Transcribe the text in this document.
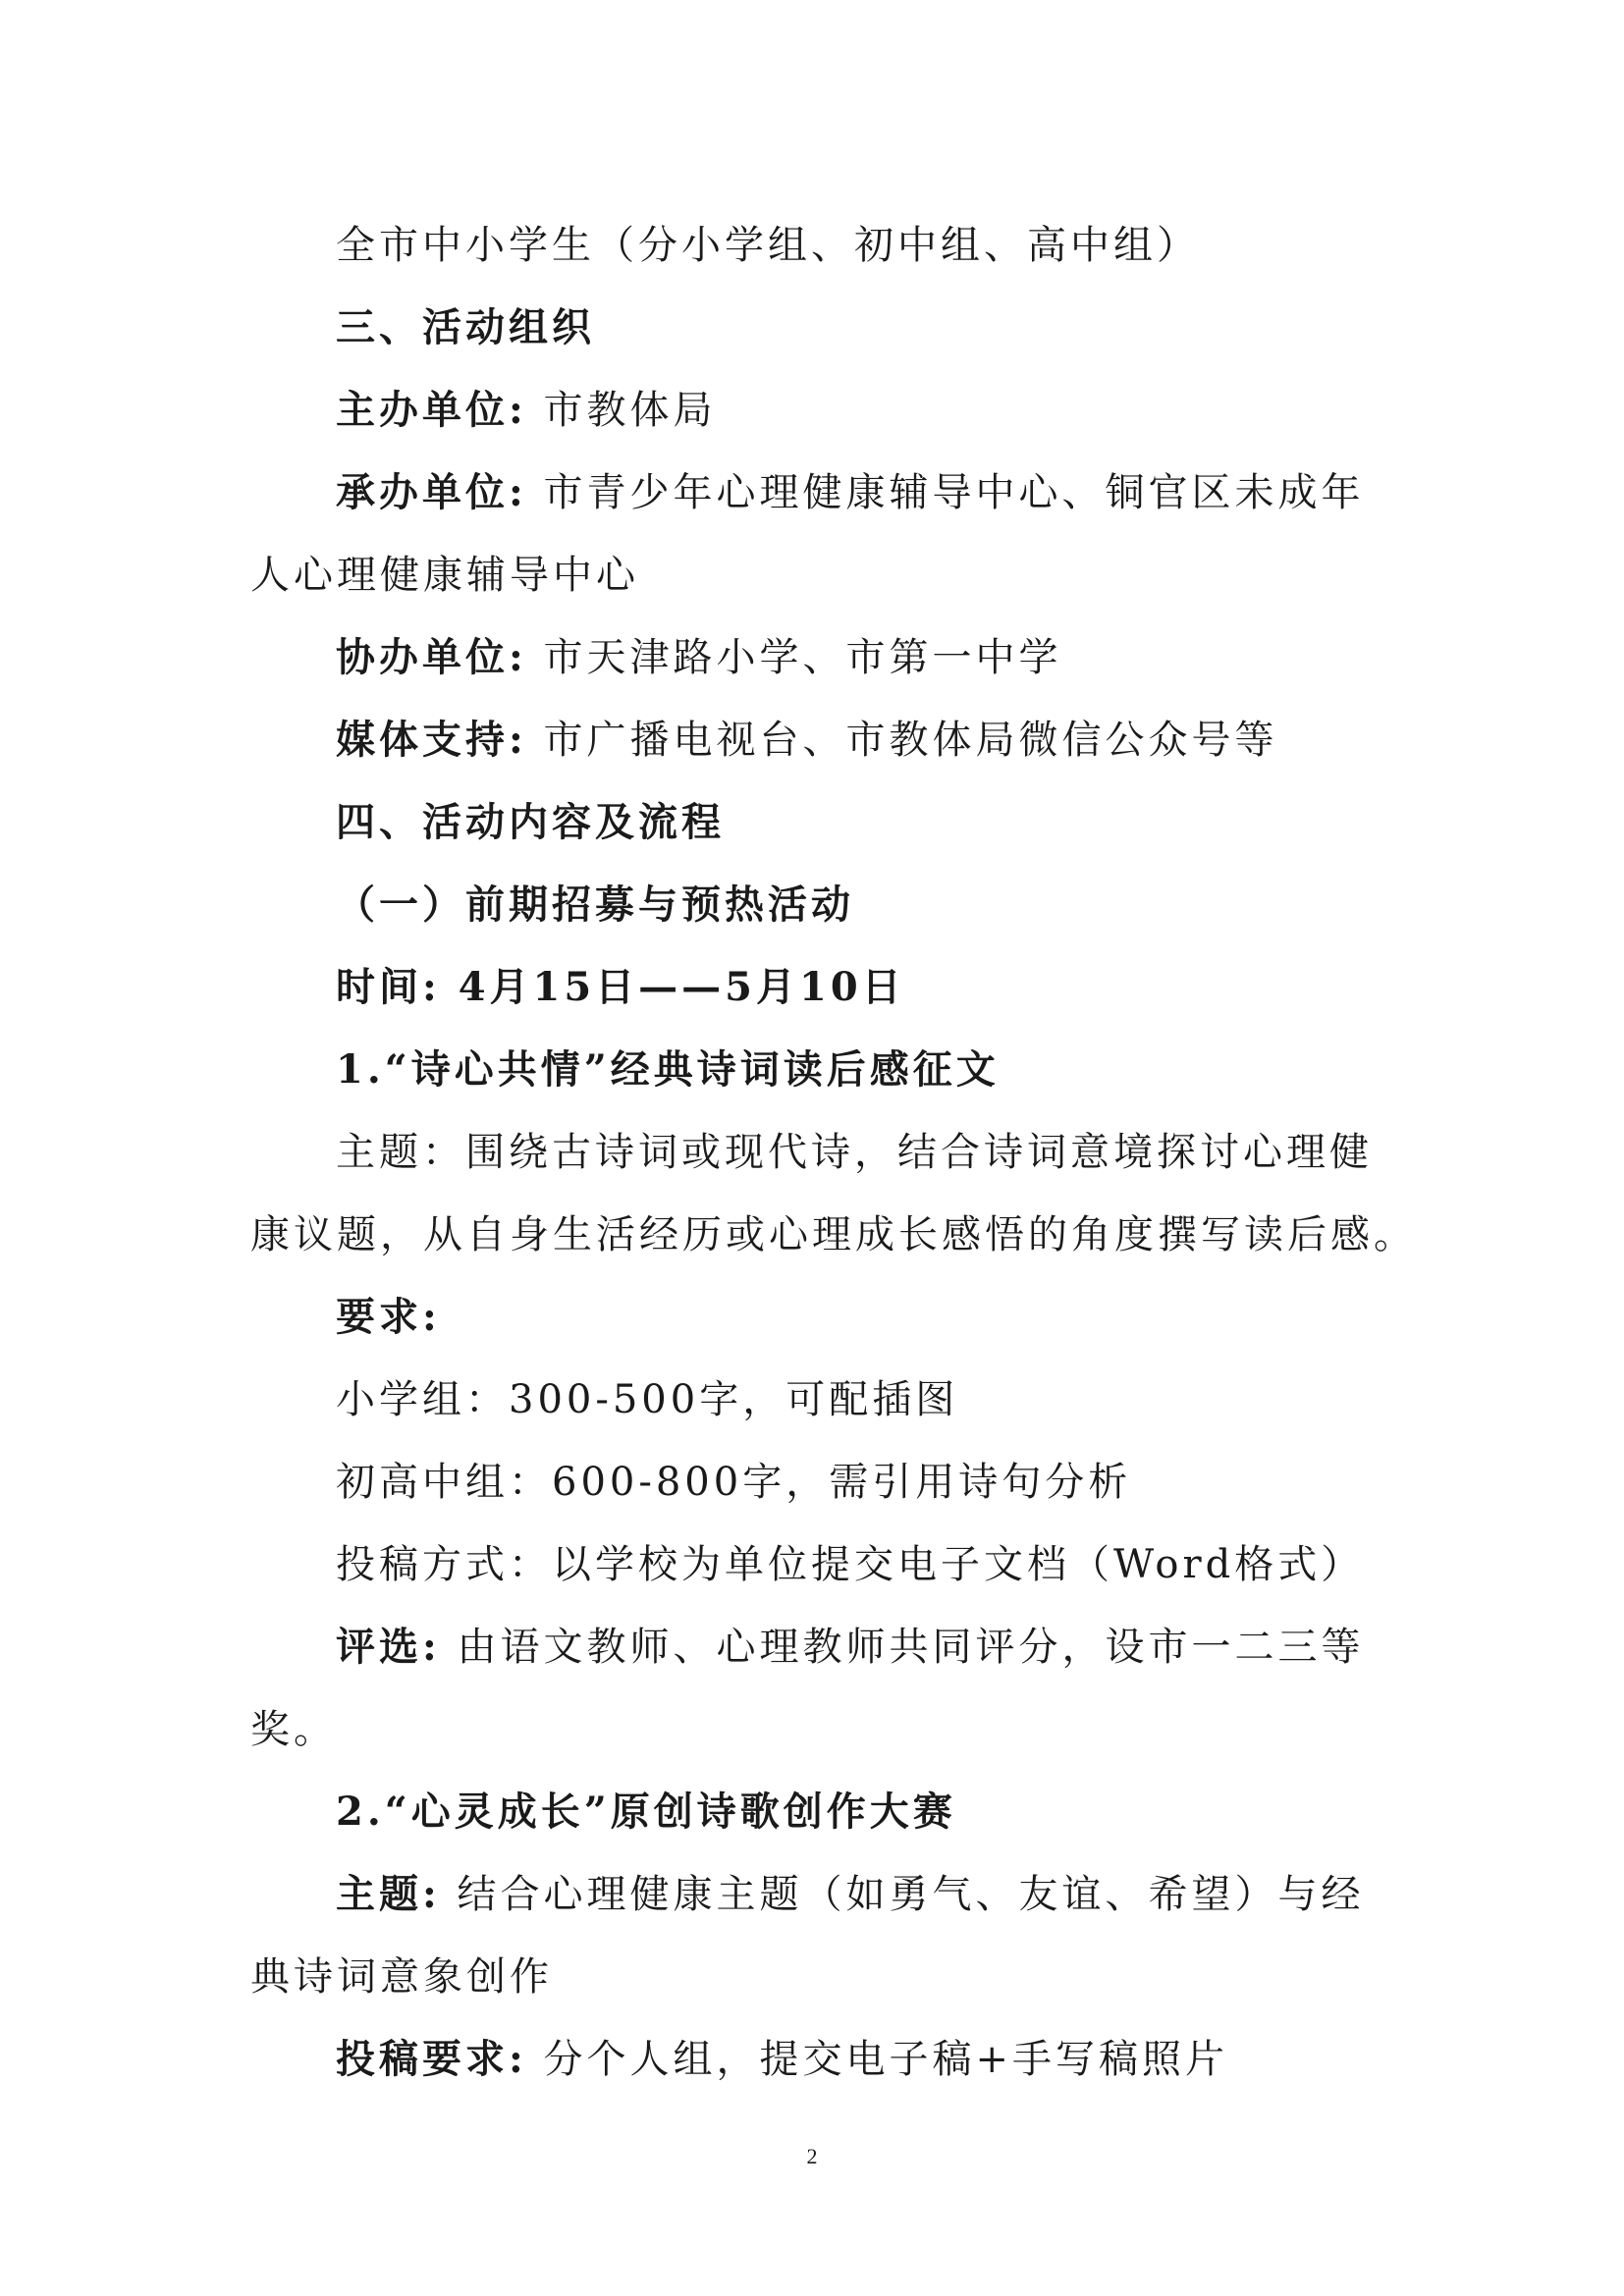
全市中小学生（分小学组、初中组、高中组）
三、活动组织
主办单位: 市教体局
承办单位: 市青少年心理健康辅导中心、铜官区未成年
人心理健康辅导中心
协办单位: 市天津路小学、市第一中学
媒体支持: 市广播电视台、市教体局微信公众号等
四、活动内容及流程
（一）前期招募与预热活动
时间: 4月15日——5月10日
1.“诗心共情”经典诗词读后感征文
主题：围绕古诗词或现代诗，结合诗词意境探讨心理健
康议题，从自身生活经历或心理成长感悟的角度撰写读后感。
要求:
小学组：300-500字，可配插图
初高中组：600-800字，需引用诗句分析
投稿方式：以学校为单位提交电子文档（Word格式）
评选: 由语文教师、心理教师共同评分，设市一二三等
奖。
2.“心灵成长”原创诗歌创作大赛
主题: 结合心理健康主题（如勇气、友谊、希望）与经
典诗词意象创作
投稿要求: 分个人组，提交电子稿+手写稿照片
2
